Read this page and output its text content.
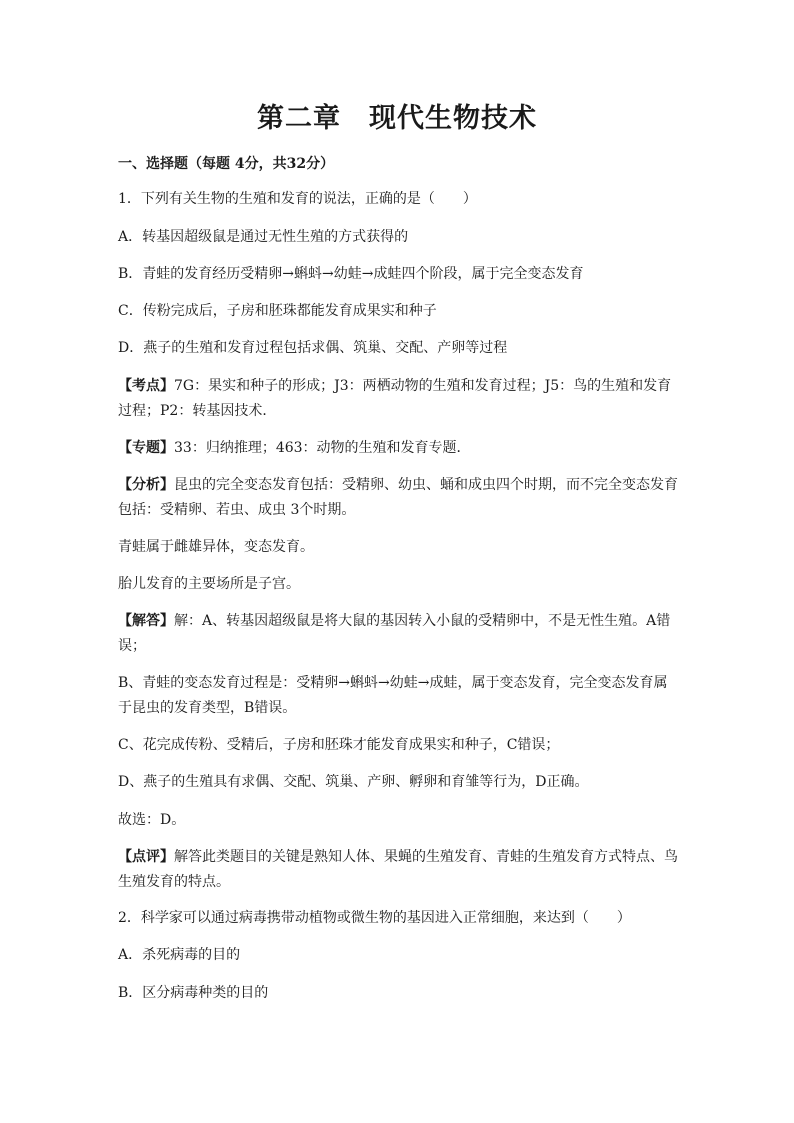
第二章　现代生物技术

一、选择题（每题 4分，共32分）

1．下列有关生物的生殖和发育的说法，正确的是（　　）

A．转基因超级鼠是通过无性生殖的方式获得的

B．青蛙的发育经历受精卵→蝌蚪→幼蛙→成蛙四个阶段，属于完全变态发育

C．传粉完成后，子房和胚珠都能发育成果实和种子

D．燕子的生殖和发育过程包括求偶、筑巢、交配、产卵等过程

【考点】7G：果实和种子的形成；J3：两栖动物的生殖和发育过程；J5：鸟的生殖和发育过程；P2：转基因技术．

【专题】33：归纳推理；463：动物的生殖和发育专题．

【分析】昆虫的完全变态发育包括：受精卵、幼虫、蛹和成虫四个时期，而不完全变态发育包括：受精卵、若虫、成虫 3个时期。

青蛙属于雌雄异体，变态发育。

胎儿发育的主要场所是子宫。

【解答】解：A、转基因超级鼠是将大鼠的基因转入小鼠的受精卵中，不是无性生殖。A错误；

B、青蛙的变态发育过程是：受精卵→蝌蚪→幼蛙→成蛙，属于变态发育，完全变态发育属于昆虫的发育类型，B错误。

C、花完成传粉、受精后，子房和胚珠才能发育成果实和种子，C错误；

D、燕子的生殖具有求偶、交配、筑巢、产卵、孵卵和育雏等行为，D正确。

故选：D。

【点评】解答此类题目的关键是熟知人体、果蝇的生殖发育、青蛙的生殖发育方式特点、鸟生殖发育的特点。

2．科学家可以通过病毒携带动植物或微生物的基因进入正常细胞，来达到（　　）

A．杀死病毒的目的

B．区分病毒种类的目的
